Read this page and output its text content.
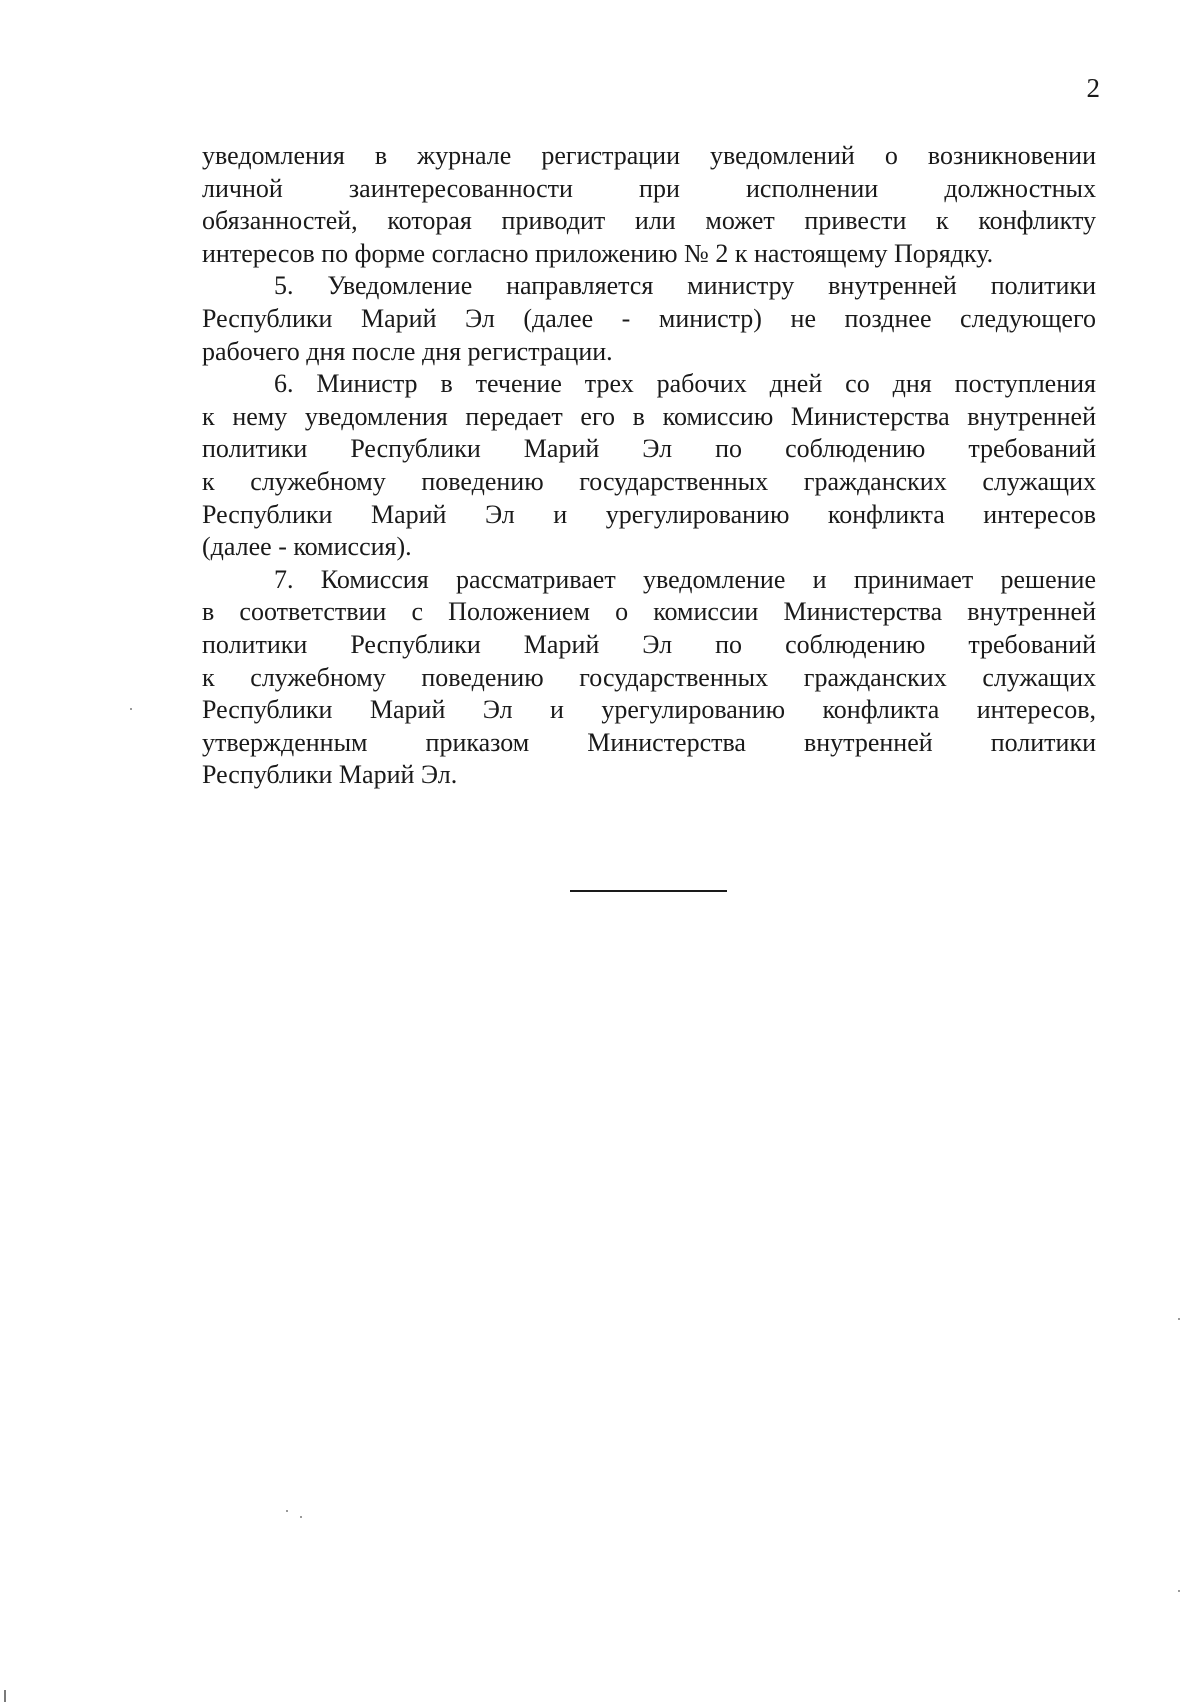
2
уведомления в журнале регистрации уведомлений о возникновении
личной заинтересованности при исполнении должностных
обязанностей, которая приводит или может привести к конфликту
интересов по форме согласно приложению № 2 к настоящему Порядку.
5. Уведомление направляется министру внутренней политики
Республики Марий Эл (далее - министр) не позднее следующего
рабочего дня после дня регистрации.
6. Министр в течение трех рабочих дней со дня поступления
к нему уведомления передает его в комиссию Министерства внутренней
политики Республики Марий Эл по соблюдению требований
к служебному поведению государственных гражданских служащих
Республики Марий Эл и урегулированию конфликта интересов
(далее - комиссия).
7. Комиссия рассматривает уведомление и принимает решение
в соответствии с Положением о комиссии Министерства внутренней
политики Республики Марий Эл по соблюдению требований
к служебному поведению государственных гражданских служащих
Республики Марий Эл и урегулированию конфликта интересов,
утвержденным приказом Министерства внутренней политики
Республики Марий Эл.
